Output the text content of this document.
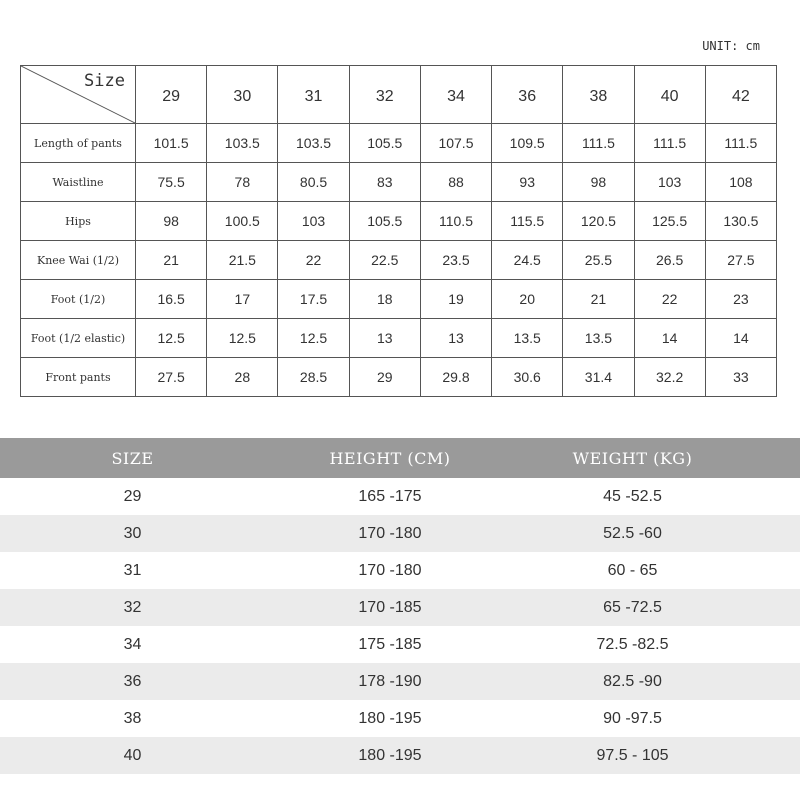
UNIT: cm
Size	29	30	31	32	34	36	38	40	42
Length of pants	101.5	103.5	103.5	105.5	107.5	109.5	111.5	111.5	111.5
Waistline	75.5	78	80.5	83	88	93	98	103	108
Hips	98	100.5	103	105.5	110.5	115.5	120.5	125.5	130.5
Knee Wai (1/2)	21	21.5	22	22.5	23.5	24.5	25.5	26.5	27.5
Foot (1/2)	16.5	17	17.5	18	19	20	21	22	23
Foot (1/2 elastic)	12.5	12.5	12.5	13	13	13.5	13.5	14	14
Front pants	27.5	28	28.5	29	29.8	30.6	31.4	32.2	33
SIZE	HEIGHT (CM)	WEIGHT (KG)	
29	165 -175	45 -52.5	
30	170 -180	52.5 -60	
31	170 -180	60 - 65	
32	170 -185	65 -72.5	
34	175 -185	72.5 -82.5	
36	178 -190	82.5 -90	
38	180 -195	90 -97.5	
40	180 -195	97.5 - 105	
